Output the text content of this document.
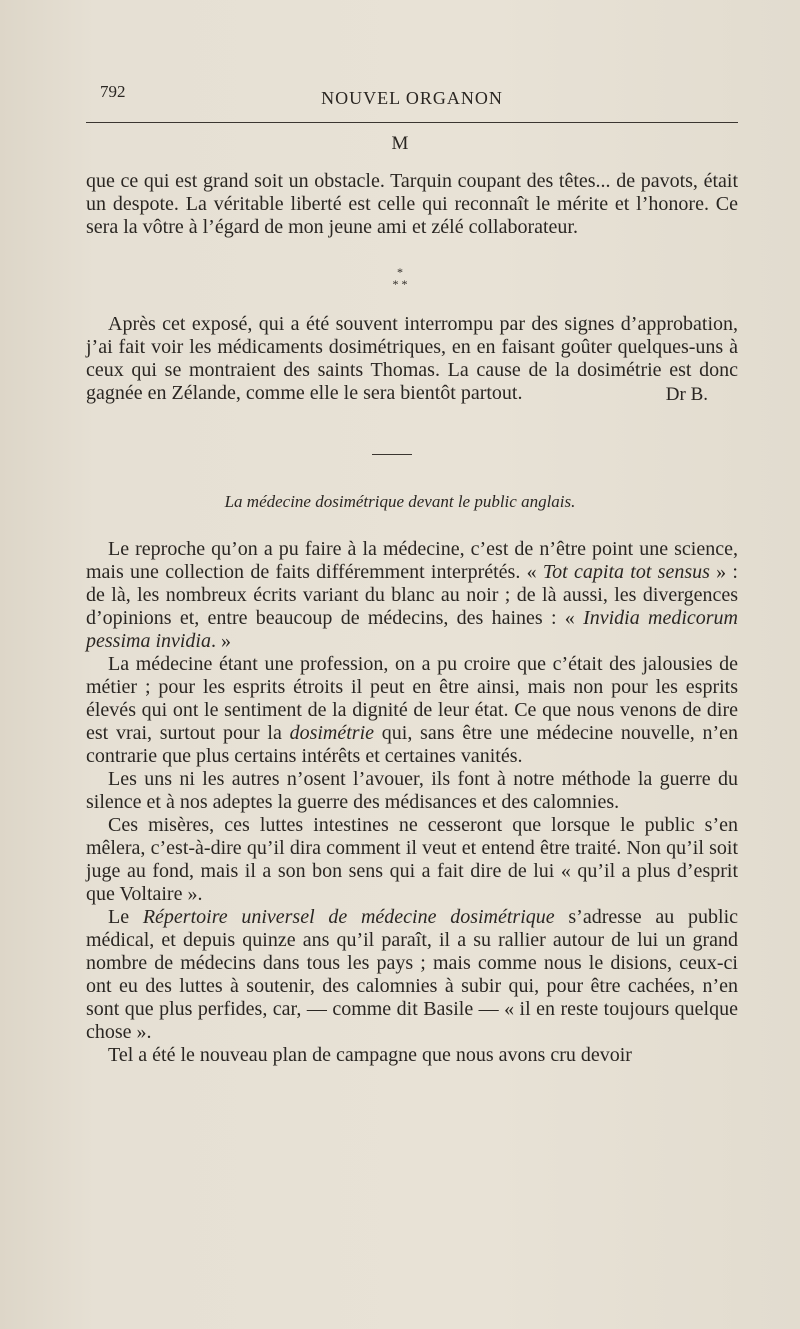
792	NOUVEL ORGANON
M

que ce qui est grand soit un obstacle. Tarquin coupant des têtes... de pavots, était un despote. La véritable liberté est celle qui reconnaît le mérite et l’honore. Ce sera la vôtre à l’égard de mon jeune ami et zélé collaborateur.

*
* *

Après cet exposé, qui a été souvent interrompu par des signes d’approbation, j’ai fait voir les médicaments dosimétriques, en en faisant goûter quelques-uns à ceux qui se montraient des saints Thomas. La cause de la dosimétrie est donc gagnée en Zélande, comme elle le sera bientôt partout.	Dr B.
La médecine dosimétrique devant le public anglais.

Le reproche qu’on a pu faire à la médecine, c’est de n’être point une science, mais une collection de faits différemment interprétés. « Tot capita tot sensus » : de là, les nombreux écrits variant du blanc au noir ; de là aussi, les divergences d’opinions et, entre beaucoup de médecins, des haines : « Invidia medicorum pessima invidia. »

La médecine étant une profession, on a pu croire que c’était des jalousies de métier ; pour les esprits étroits il peut en être ainsi, mais non pour les esprits élevés qui ont le sentiment de la dignité de leur état. Ce que nous venons de dire est vrai, surtout pour la dosimétrie qui, sans être une médecine nouvelle, n’en contrarie que plus certains intérêts et certaines vanités.

Les uns ni les autres n’osent l’avouer, ils font à notre méthode la guerre du silence et à nos adeptes la guerre des médisances et des calomnies.

Ces misères, ces luttes intestines ne cesseront que lorsque le public s’en mêlera, c’est-à-dire qu’il dira comment il veut et entend être traité. Non qu’il soit juge au fond, mais il a son bon sens qui a fait dire de lui « qu’il a plus d’esprit que Voltaire ».

Le Répertoire universel de médecine dosimétrique s’adresse au public médical, et depuis quinze ans qu’il paraît, il a su rallier autour de lui un grand nombre de médecins dans tous les pays ; mais comme nous le disions, ceux-ci ont eu des luttes à soutenir, des calomnies à subir qui, pour être cachées, n’en sont que plus perfides, car, — comme dit Basile — « il en reste toujours quelque chose ».

Tel a été le nouveau plan de campagne que nous avons cru devoir
